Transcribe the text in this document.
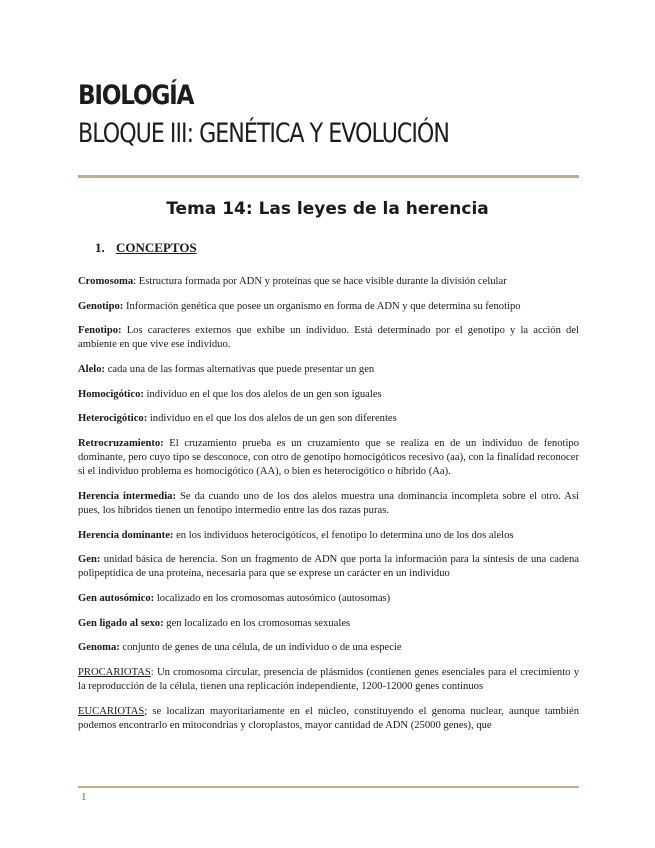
BIOLOGÍA
BLOQUE III: GENÉTICA Y EVOLUCIÓN
Tema 14: Las leyes de la herencia
1. CONCEPTOS

Cromosoma: Estructura formada por ADN y proteínas que se hace visible durante la división celular

Genotipo: Información genética que posee un organismo en forma de ADN y que determina su fenotipo

Fenotipo: Los caracteres externos que exhibe un individuo. Está determinado por el genotipo y la acción del ambiente en que vive ese individuo.

Alelo: cada una de las formas alternativas que puede presentar un gen

Homocigótico: individuo en el que los dos alelos de un gen son iguales

Heterocigótico: individuo en el que los dos alelos de un gen son diferentes

Retrocruzamiento: El cruzamiento prueba es un cruzamiento que se realiza en de un individuo de fenotipo dominante, pero cuyo tipo se desconoce, con otro de genotipo homocigóticos recesivo (aa), con la finalidad reconocer si el individuo problema es homocigótico (AA), o bien es heterocigótico o híbrido (Aa).

Herencia intermedia: Se da cuando uno de los dos alelos muestra una dominancia incompleta sobre el otro. Así pues, los híbridos tienen un fenotipo intermedio entre las dos razas puras.

Herencia dominante: en los individuos heterocigóticos, el fenotipo lo determina uno de los dos alelos

Gen: unidad básica de herencia. Son un fragmento de ADN que porta la información para la síntesis de una cadena polipeptídica de una proteína, necesaria para que se exprese un carácter en un individuo

Gen autosómico: localizado en los cromosomas autosómico (autosomas)

Gen ligado al sexo: gen localizado en los cromosomas sexuales

Genoma: conjunto de genes de una célula, de un individuo o de una especie

PROCARIOTAS: Un cromosoma circular, presencia de plásmidos (contienen genes esenciales para el crecimiento y la reproducción de la célula, tienen una replicación independiente, 1200-12000 genes continuos

EUCARIOTAS; se localizan mayoritariamente en el núcleo, constituyendo el genoma nuclear, aunque también podemos encontrarlo en mitocondrias y cloroplastos, mayor cantidad de ADN (25000 genes), que

1
